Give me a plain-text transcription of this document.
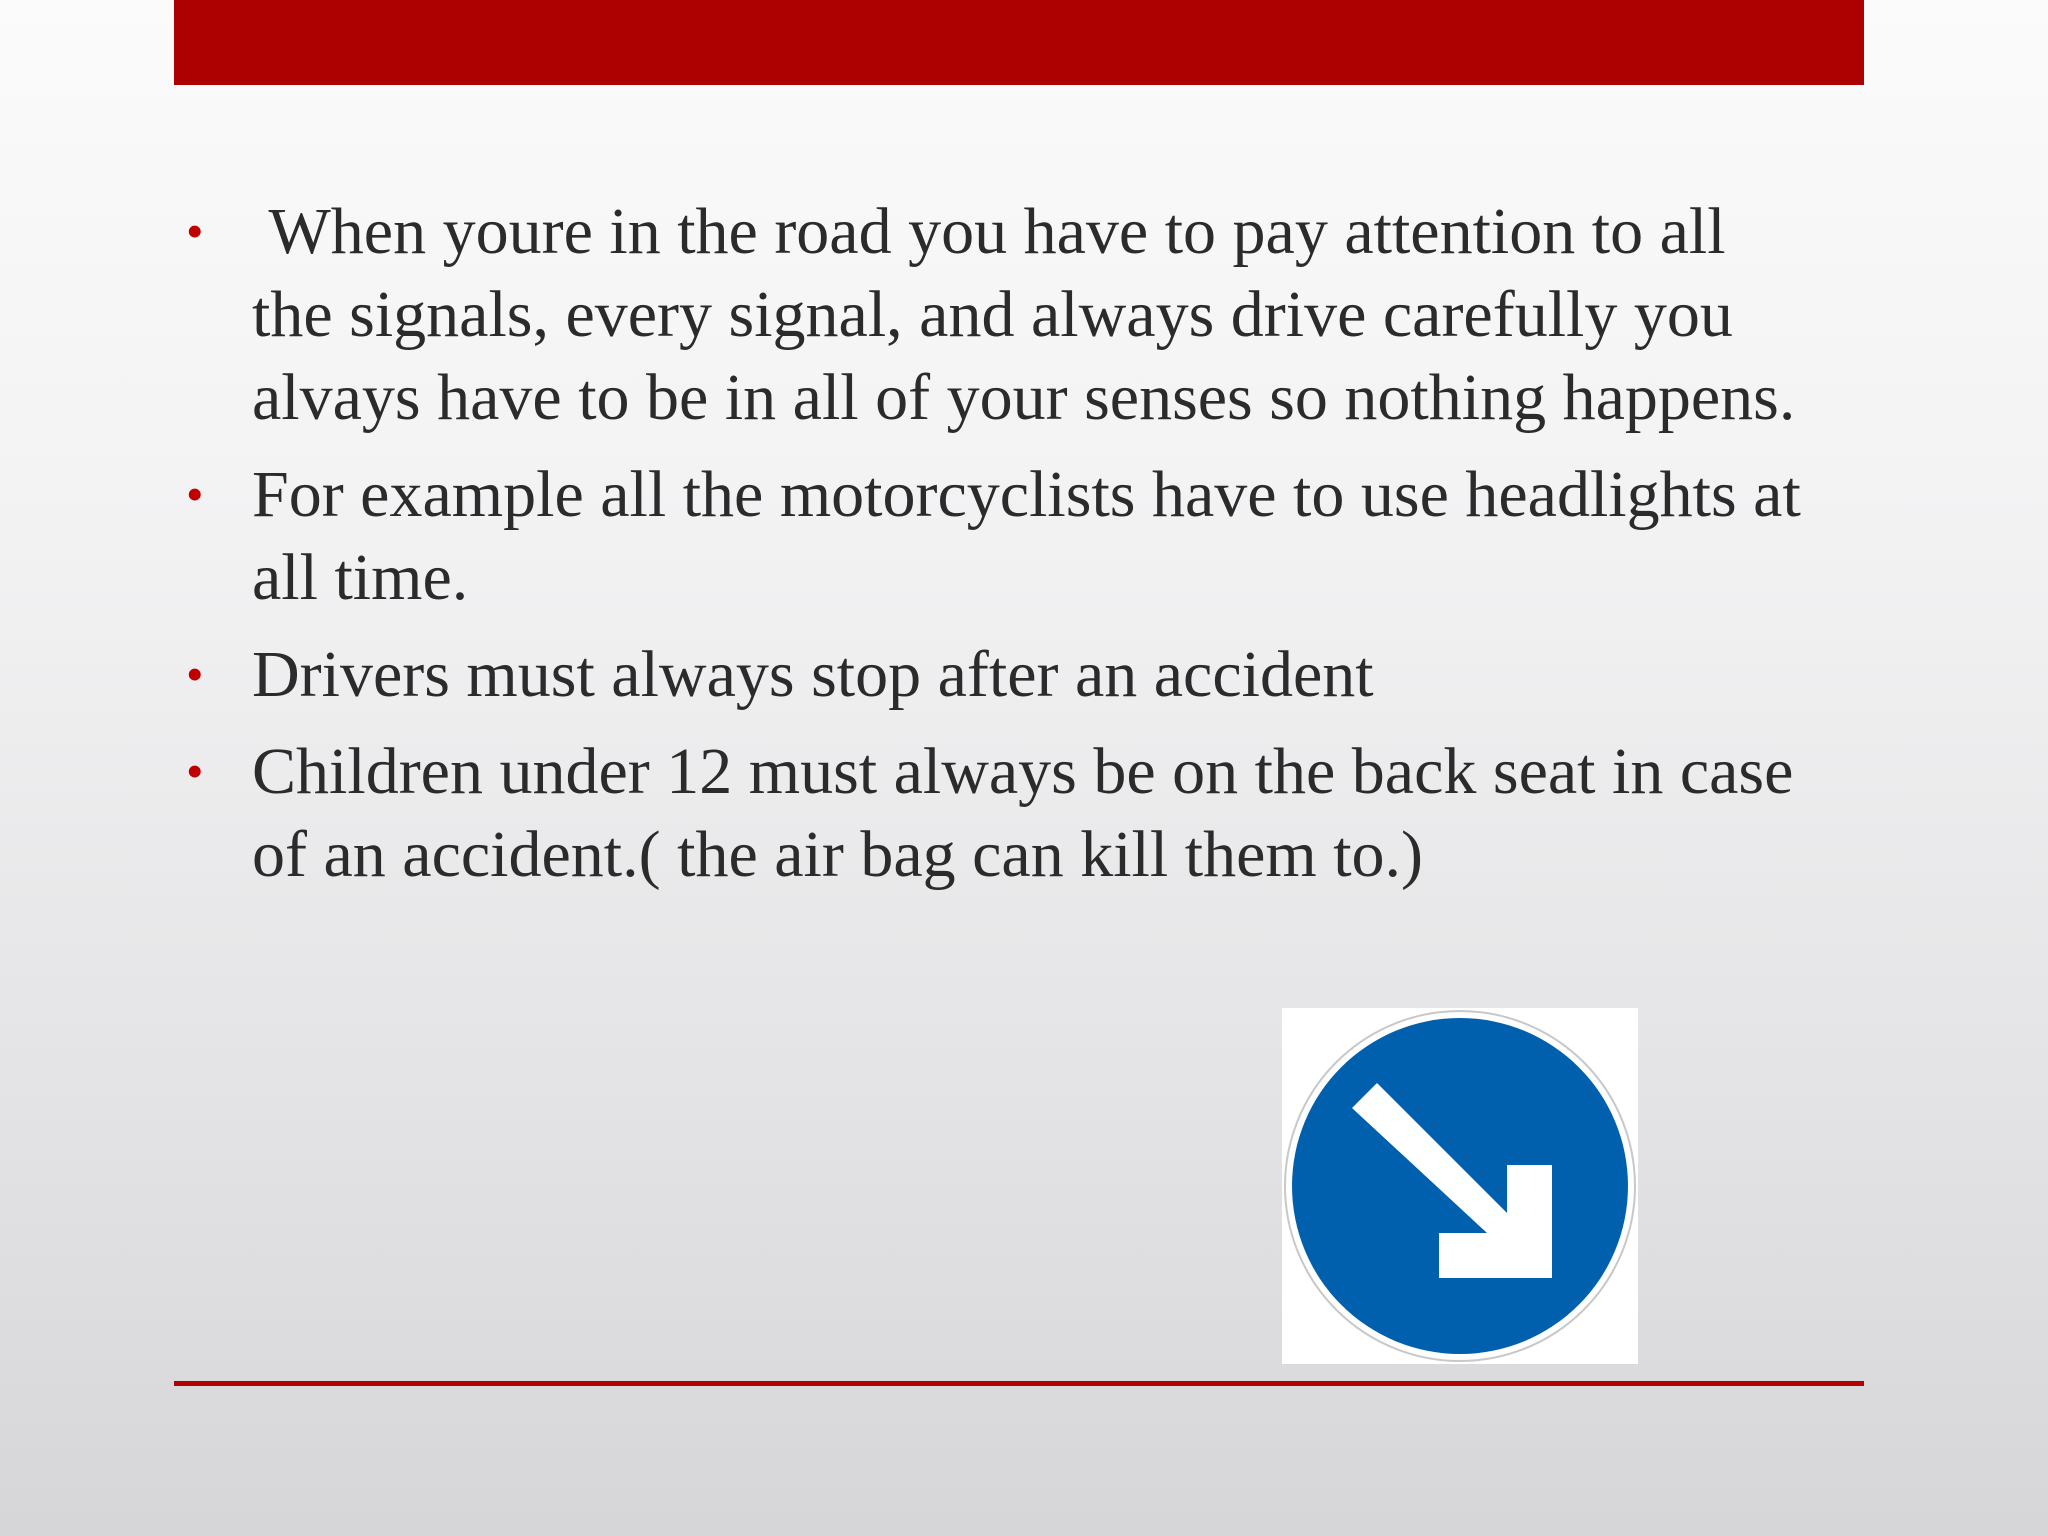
• When youre in the road you have to pay attention to all the signals, every signal, and always drive carefully you alvays have to be in all of your senses so nothing happens.
• For example all the motorcyclists have to use headlights at all time.
• Drivers must always stop after an accident
• Children under 12 must always be on the back seat in case of an accident.( the air bag can kill them to.)
